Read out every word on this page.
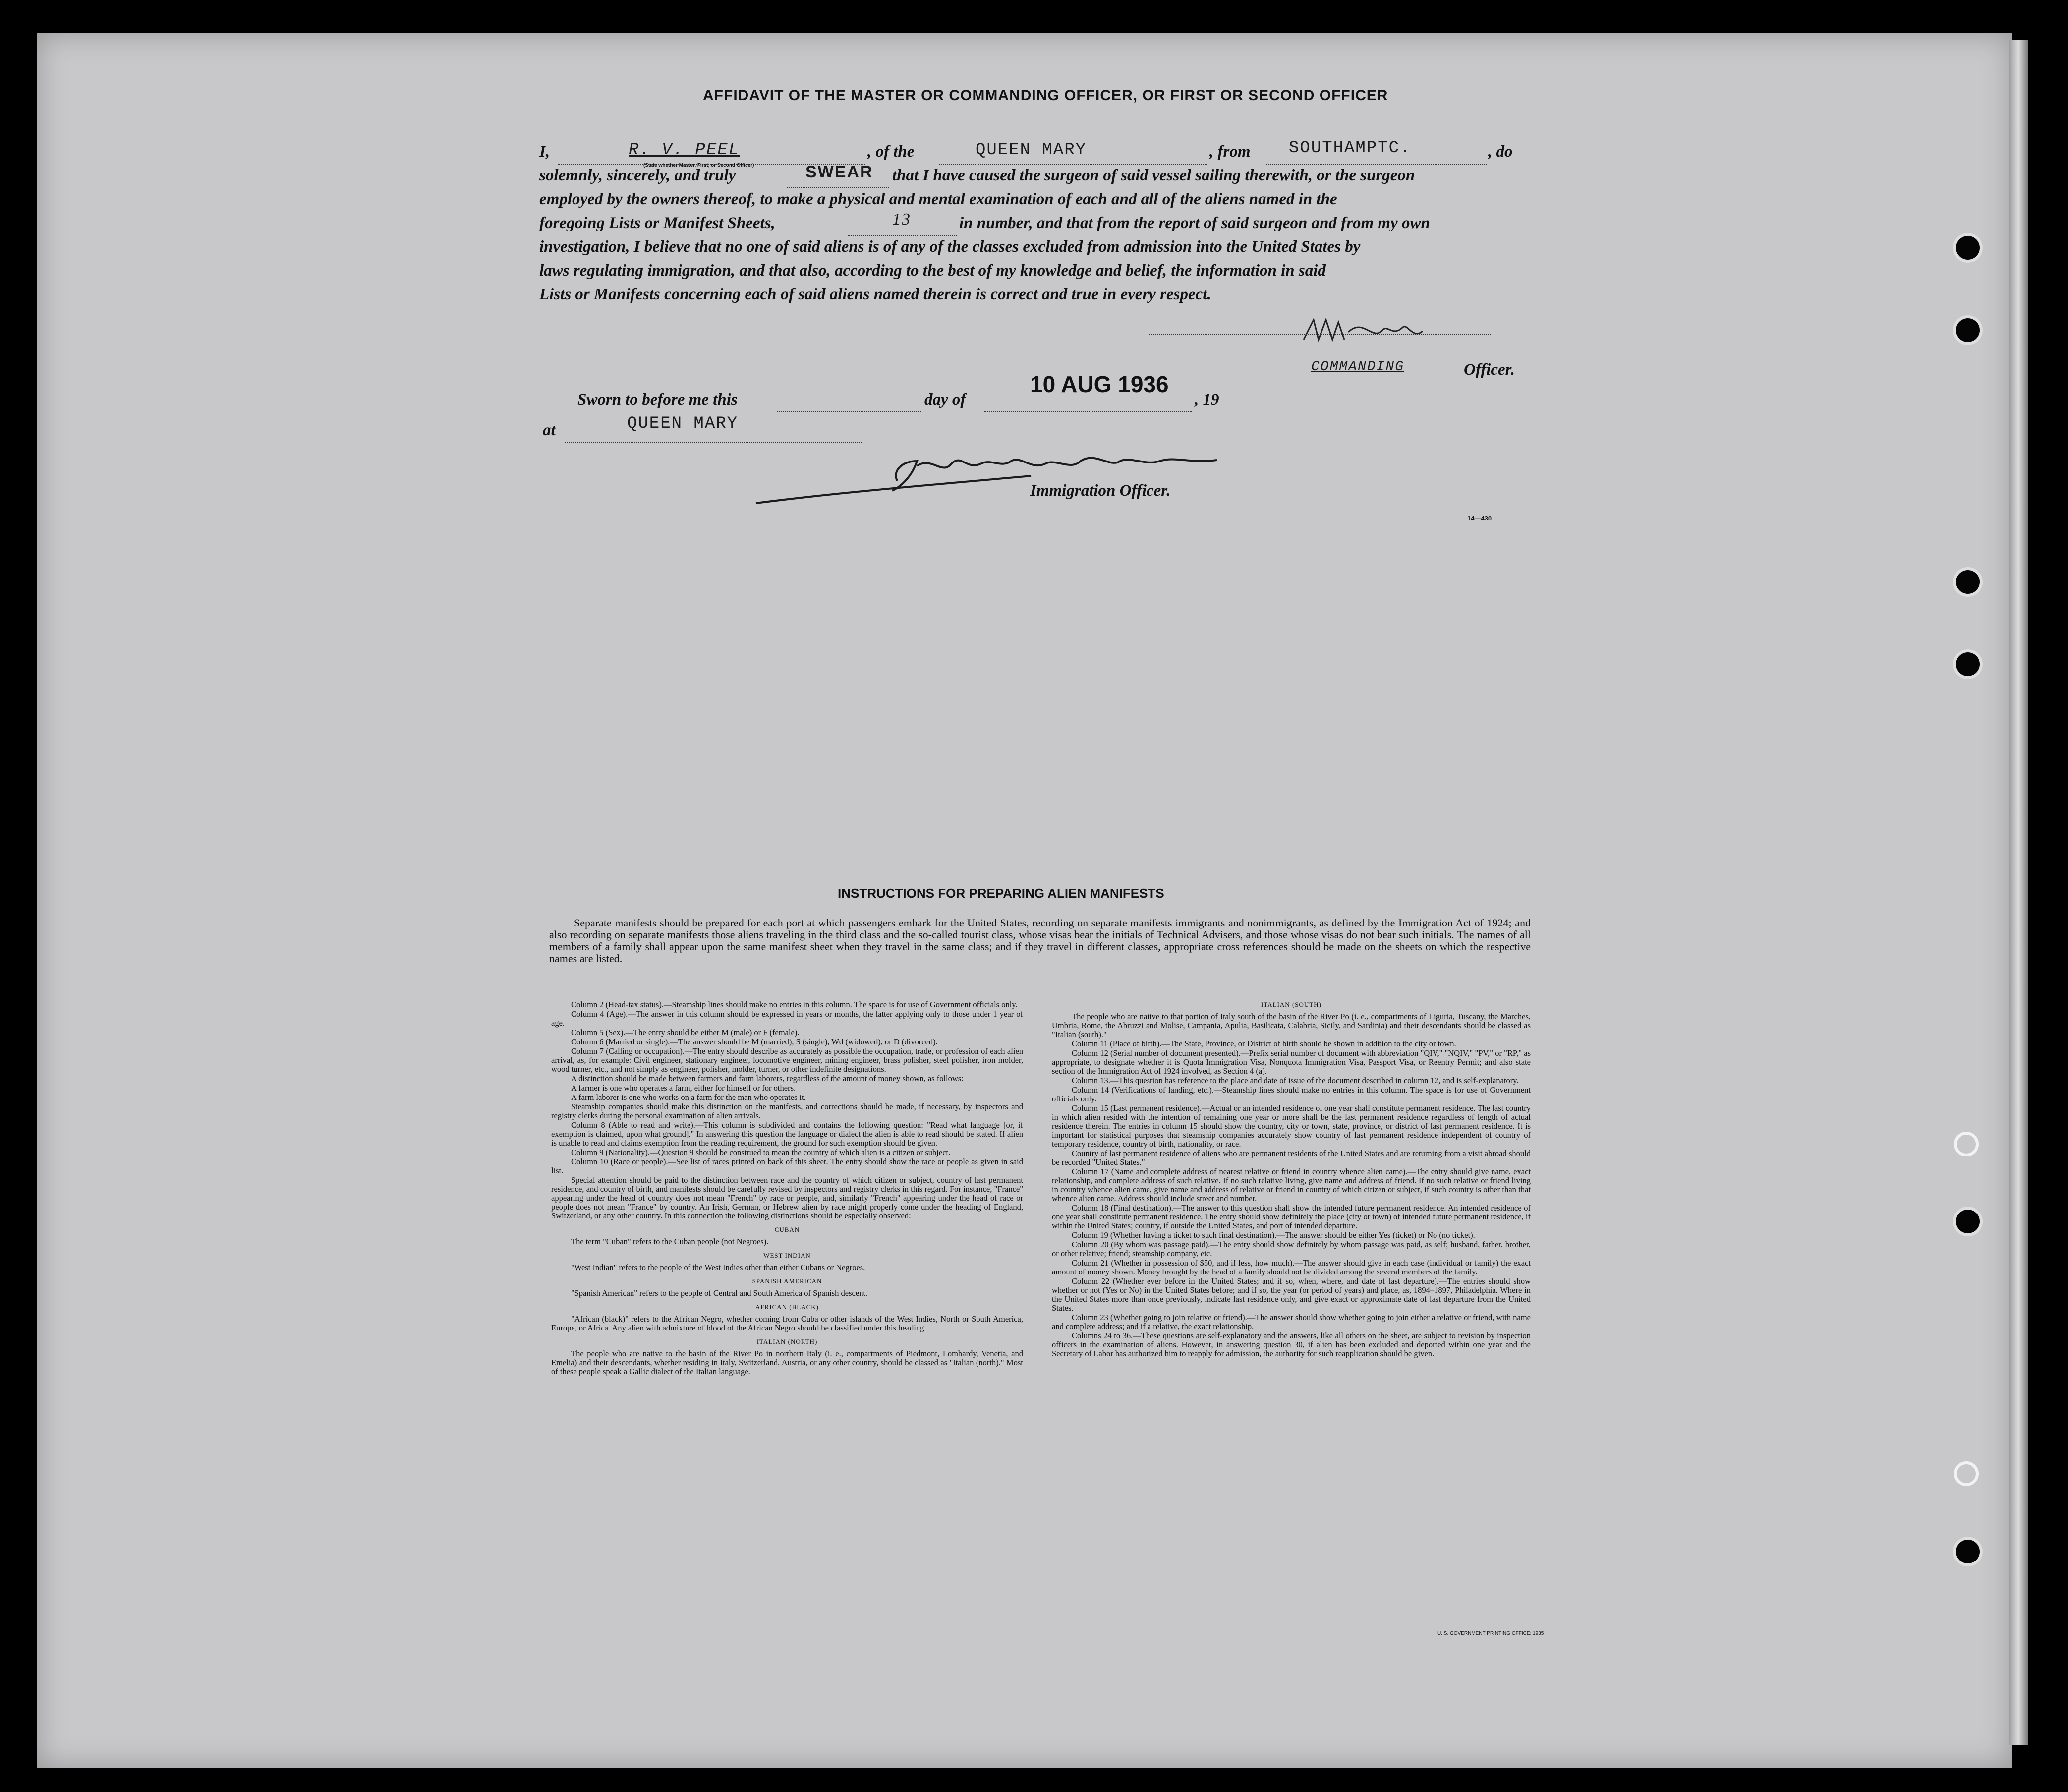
AFFIDAVIT OF THE MASTER OR COMMANDING OFFICER, OR FIRST OR SECOND OFFICER
I,	R. V. PEEL
(State whether Master, First, or Second Officer)
, of the	QUEEN MARY	, from SOUTHAMPTC.	, do
solemnly, sincerely, and truly	SWEAR that I have caused the surgeon of said vessel sailing therewith, or the surgeon
employed by the owners thereof, to make a physical and mental examination of each and all of the aliens named in the
foregoing Lists or Manifest Sheets,	13	in number, and that from the report of said surgeon and from my own
investigation, I believe that no one of said aliens is of any of the classes excluded from admission into the United States by
laws regulating immigration, and that also, according to the best of my knowledge and belief, the information in said
Lists or Manifests concerning each of said aliens named therein is correct and true in every respect.
COMMANDING	Officer.
Sworn to before me this	day of
10 AUG 1936
, 19
at	QUEEN MARY
Immigration Officer.
14—430
INSTRUCTIONS FOR PREPARING ALIEN MANIFESTS
Separate manifests should be prepared for each port at which passengers embark for the United States, recording on separate manifests immigrants and nonimmigrants, as defined by the Immigration Act of 1924; and also recording on separate manifests those aliens traveling in the third class and the so-called tourist class, whose visas bear the initials of Technical Advisers, and those whose visas do not bear such initials. The names of all members of a family shall appear upon the same manifest sheet when they travel in the same class; and if they travel in different classes, appropriate cross references should be made on the sheets on which the respective names are listed.

Column 2 (Head-tax status).—Steamship lines should make no entries in this column. The space is for use of Government officials only.

Column 4 (Age).—The answer in this column should be expressed in years or months, the latter applying only to those under 1 year of age.

Column 5 (Sex).—The entry should be either M (male) or F (female).

Column 6 (Married or single).—The answer should be M (married), S (single), Wd (widowed), or D (divorced).

Column 7 (Calling or occupation).—The entry should describe as accurately as possible the occupation, trade, or profession of each alien arrival, as, for example: Civil engineer, stationary engineer, locomotive engineer, mining engineer, brass polisher, steel polisher, iron molder, wood turner, etc., and not simply as engineer, polisher, molder, turner, or other indefinite designations.

A distinction should be made between farmers and farm laborers, regardless of the amount of money shown, as follows:

A farmer is one who operates a farm, either for himself or for others.

A farm laborer is one who works on a farm for the man who operates it.

Steamship companies should make this distinction on the manifests, and corrections should be made, if necessary, by inspectors and registry clerks during the personal examination of alien arrivals.

Column 8 (Able to read and write).—This column is subdivided and contains the following question: "Read what language [or, if exemption is claimed, upon what ground]." In answering this question the language or dialect the alien is able to read should be stated. If alien is unable to read and claims exemption from the reading requirement, the ground for such exemption should be given.

Column 9 (Nationality).—Question 9 should be construed to mean the country of which alien is a citizen or subject.

Column 10 (Race or people).—See list of races printed on back of this sheet. The entry should show the race or people as given in said list.

Special attention should be paid to the distinction between race and the country of which citizen or subject, country of last permanent residence, and country of birth, and manifests should be carefully revised by inspectors and registry clerks in this regard. For instance, "France" appearing under the head of country does not mean "French" by race or people, and, similarly "French" appearing under the head of race or people does not mean "France" by country. An Irish, German, or Hebrew alien by race might properly come under the heading of England, Switzerland, or any other country. In this connection the following distinctions should be especially observed:

CUBAN

The term "Cuban" refers to the Cuban people (not Negroes).

WEST INDIAN

"West Indian" refers to the people of the West Indies other than either Cubans or Negroes.

SPANISH AMERICAN

"Spanish American" refers to the people of Central and South America of Spanish descent.

AFRICAN (BLACK)

"African (black)" refers to the African Negro, whether coming from Cuba or other islands of the West Indies, North or South America, Europe, or Africa. Any alien with admixture of blood of the African Negro should be classified under this heading.

ITALIAN (NORTH)

The people who are native to the basin of the River Po in northern Italy (i. e., compartments of Piedmont, Lombardy, Venetia, and Emelia) and their descendants, whether residing in Italy, Switzerland, Austria, or any other country, should be classed as "Italian (north)." Most of these people speak a Gallic dialect of the Italian language.

ITALIAN (SOUTH)

The people who are native to that portion of Italy south of the basin of the River Po (i. e., compartments of Liguria, Tuscany, the Marches, Umbria, Rome, the Abruzzi and Molise, Campania, Apulia, Basilicata, Calabria, Sicily, and Sardinia) and their descendants should be classed as "Italian (south)."

Column 11 (Place of birth).—The State, Province, or District of birth should be shown in addition to the city or town.

Column 12 (Serial number of document presented).—Prefix serial number of document with abbreviation "QIV," "NQIV," "PV," or "RP," as appropriate, to designate whether it is Quota Immigration Visa, Nonquota Immigration Visa, Passport Visa, or Reentry Permit; and also state section of the Immigration Act of 1924 involved, as Section 4 (a).

Column 13.—This question has reference to the place and date of issue of the document described in column 12, and is self-explanatory.

Column 14 (Verifications of landing, etc.).—Steamship lines should make no entries in this column. The space is for use of Government officials only.

Column 15 (Last permanent residence).—Actual or an intended residence of one year shall constitute permanent residence. The last country in which alien resided with the intention of remaining one year or more shall be the last permanent residence regardless of length of actual residence therein. The entries in column 15 should show the country, city or town, state, province, or district of last permanent residence. It is important for statistical purposes that steamship companies accurately show country of last permanent residence independent of country of temporary residence, country of birth, nationality, or race.

Country of last permanent residence of aliens who are permanent residents of the United States and are returning from a visit abroad should be recorded "United States."

Column 17 (Name and complete address of nearest relative or friend in country whence alien came).—The entry should give name, exact relationship, and complete address of such relative. If no such relative living, give name and address of friend. If no such relative or friend living in country whence alien came, give name and address of relative or friend in country of which citizen or subject, if such country is other than that whence alien came. Address should include street and number.

Column 18 (Final destination).—The answer to this question shall show the intended future permanent residence. An intended residence of one year shall constitute permanent residence. The entry should show definitely the place (city or town) of intended future permanent residence, if within the United States; country, if outside the United States, and port of intended departure.

Column 19 (Whether having a ticket to such final destination).—The answer should be either Yes (ticket) or No (no ticket).

Column 20 (By whom was passage paid).—The entry should show definitely by whom passage was paid, as self; husband, father, brother, or other relative; friend; steamship company, etc.

Column 21 (Whether in possession of $50, and if less, how much).—The answer should give in each case (individual or family) the exact amount of money shown. Money brought by the head of a family should not be divided among the several members of the family.

Column 22 (Whether ever before in the United States; and if so, when, where, and date of last departure).—The entries should show whether or not (Yes or No) in the United States before; and if so, the year (or period of years) and place, as, 1894–1897, Philadelphia. Where in the United States more than once previously, indicate last residence only, and give exact or approximate date of last departure from the United States.

Column 23 (Whether going to join relative or friend).—The answer should show whether going to join either a relative or friend, with name and complete address; and if a relative, the exact relationship.

Columns 24 to 36.—These questions are self-explanatory and the answers, like all others on the sheet, are subject to revision by inspection officers in the examination of aliens. However, in answering question 30, if alien has been excluded and deported within one year and the Secretary of Labor has authorized him to reapply for admission, the authority for such reapplication should be given.

U. S. GOVERNMENT PRINTING OFFICE: 1935
